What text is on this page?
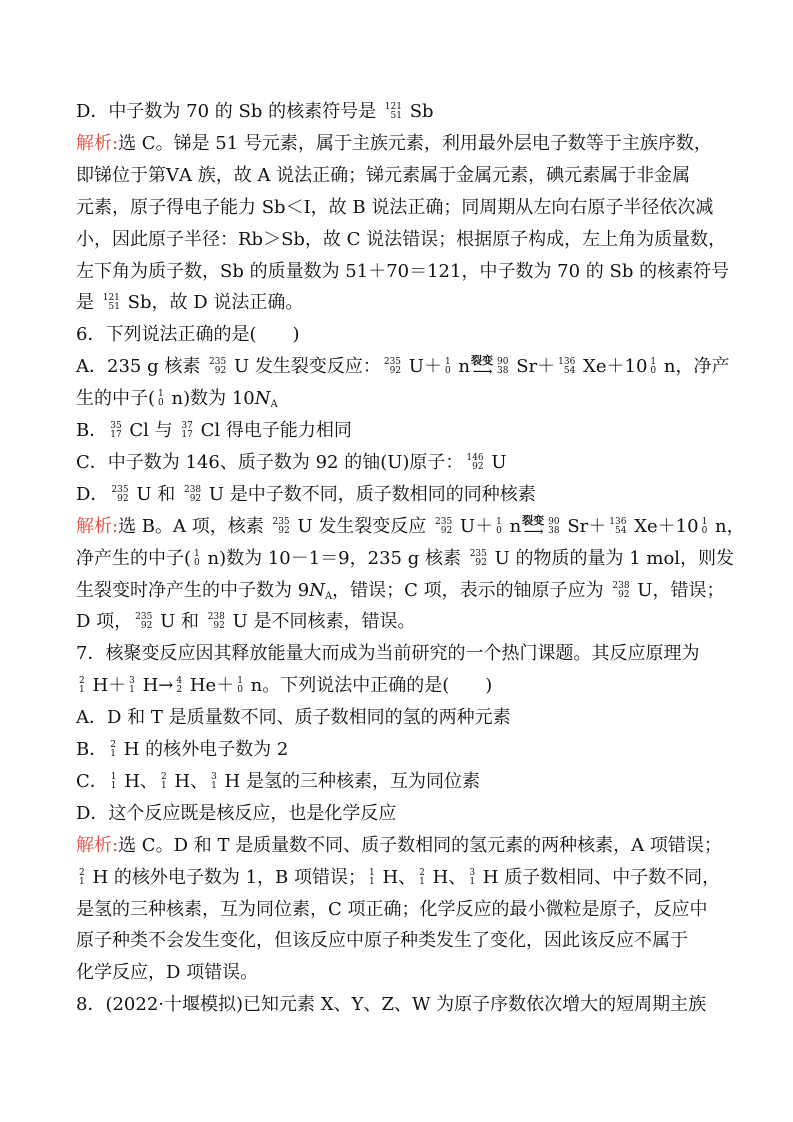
D．中子数为 70 的 Sb 的核素符号是 121
51 Sb
解析:选 C。锑是 51 号元素，属于主族元素，利用最外层电子数等于主族序数，
即锑位于第ⅤA 族，故 A 说法正确；锑元素属于金属元素，碘元素属于非金属
元素，原子得电子能力 Sb＜I，故 B 说法正确；同周期从左向右原子半径依次减
小，因此原子半径：Rb＞Sb，故 C 说法错误；根据原子构成，左上角为质量数，
左下角为质子数，Sb 的质量数为 51＋70＝121，中子数为 70 的 Sb 的核素符号
是 121
51 Sb，故 D 说法正确。
6．下列说法正确的是(　　)
A．235 g 核素 235
92 U 发生裂变反应： 235
92 U＋ 1
0 n 裂变
⟶
90
38 Sr＋ 136
54 Xe＋10 1
0 n，净产
生的中子( 1
0 n)数为 $10N_A$
B． 35
17 Cl 与 37
17 Cl 得电子能力相同
C．中子数为 146、质子数为 92 的铀(U)原子： 146
92 U
D． 235
92 U 和 238
92 U 是中子数不同，质子数相同的同种核素
解析:选 B。A 项，核素 235
92 U 发生裂变反应 235
92 U＋ 1
0 n 裂变
⟶
90
38 Sr＋ 136
54 Xe＋10 1
0 n，
净产生的中子( 1
0 n)数为 10－1＝9，235 g 核素 235
92 U 的物质的量为 1 mol，则发
生裂变时净产生的中子数为 $9N_A$，错误；C 项，表示的铀原子应为 238
92 U，错误；
D 项， 235
92 U 和 238
92 U 是不同核素，错误。
7．核聚变反应因其释放能量大而成为当前研究的一个热门课题。其反应原理为
2
1 H＋ 3
1 H→ 4
2 He＋ 1
0 n。下列说法中正确的是(　　)
A．D 和 T 是质量数不同、质子数相同的氢的两种元素
B． 2
1 H 的核外电子数为 2
C． 1
1 H、 2
1 H、 3
1 H 是氢的三种核素，互为同位素
D．这个反应既是核反应，也是化学反应
解析:选 C。D 和 T 是质量数不同、质子数相同的氢元素的两种核素，A 项错误；
2
1 H 的核外电子数为 1，B 项错误； 1
1 H、 2
1 H、 3
1 H 质子数相同、中子数不同，
是氢的三种核素，互为同位素，C 项正确；化学反应的最小微粒是原子，反应中
原子种类不会发生变化，但该反应中原子种类发生了变化，因此该反应不属于
化学反应，D 项错误。
8．(2022·十堰模拟)已知元素 X、Y、Z、W 为原子序数依次增大的短周期主族
